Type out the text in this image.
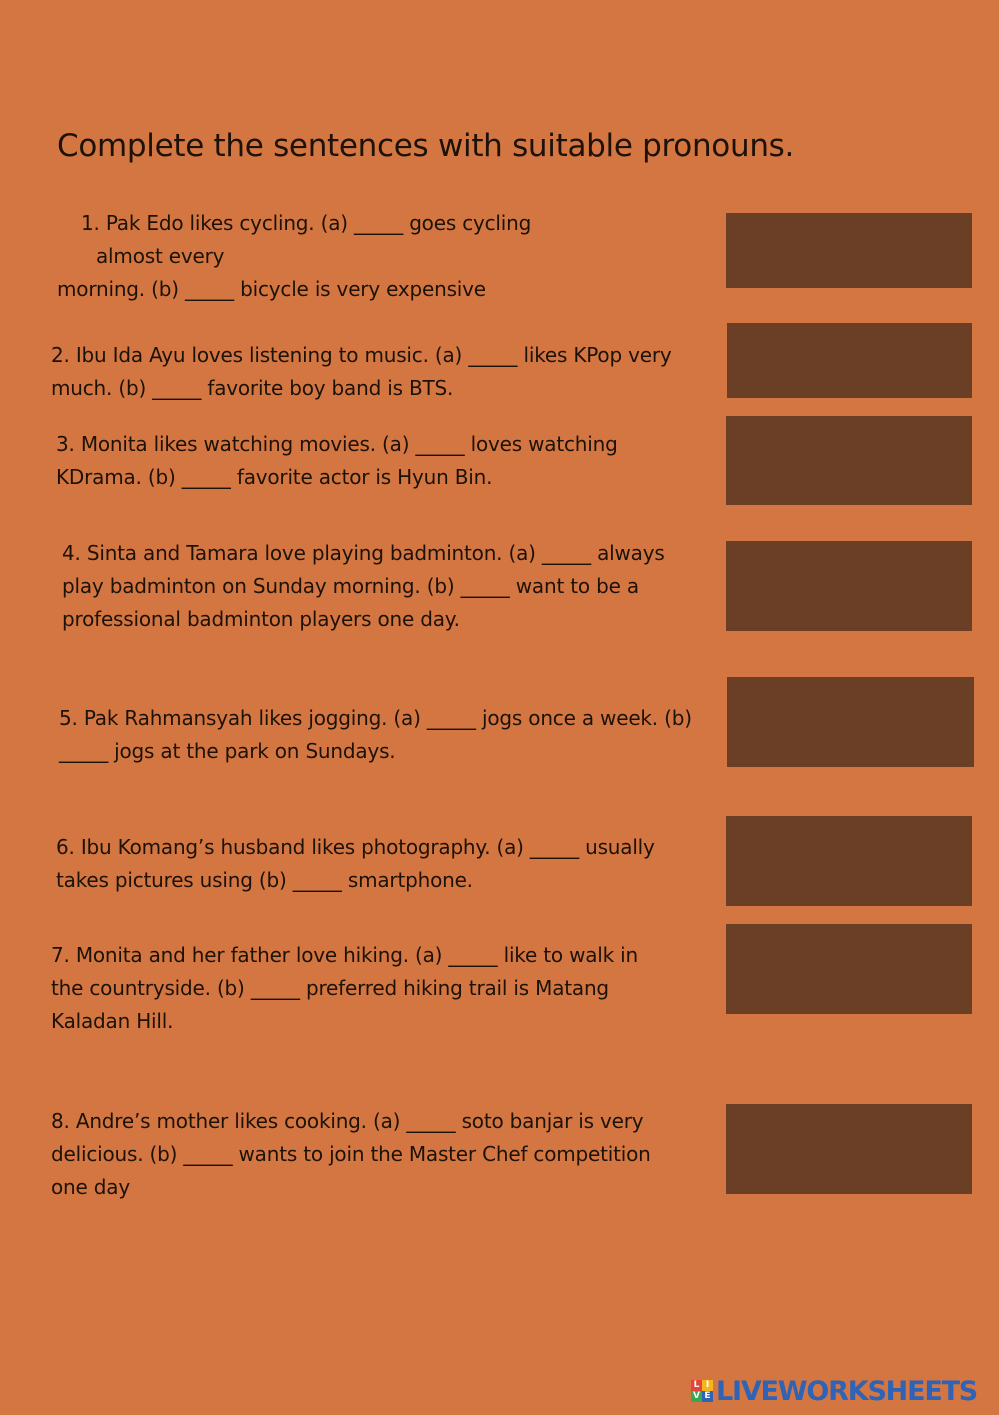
Complete the sentences with suitable pronouns.
1. Pak Edo likes cycling. (a) _____ goes cycling
almost every
morning. (b) _____ bicycle is very expensive
2. Ibu Ida Ayu loves listening to music. (a) _____ likes KPop very
much. (b) _____ favorite boy band is BTS.
3. Monita likes watching movies. (a) _____ loves watching
KDrama. (b) _____ favorite actor is Hyun Bin.
4. Sinta and Tamara love playing badminton. (a) _____ always
play badminton on Sunday morning. (b) _____ want to be a
professional badminton players one day.
5. Pak Rahmansyah likes jogging. (a) _____ jogs once a week. (b)
_____ jogs at the park on Sundays.
6. Ibu Komang’s husband likes photography. (a) _____ usually
takes pictures using (b) _____ smartphone.
7. Monita and her father love hiking. (a) _____ like to walk in
the countryside. (b) _____ preferred hiking trail is Matang
Kaladan Hill.
8. Andre’s mother likes cooking. (a) _____ soto banjar is very
delicious. (b) _____ wants to join the Master Chef competition
one day
L I
V E LIVEWORKSHEETS
